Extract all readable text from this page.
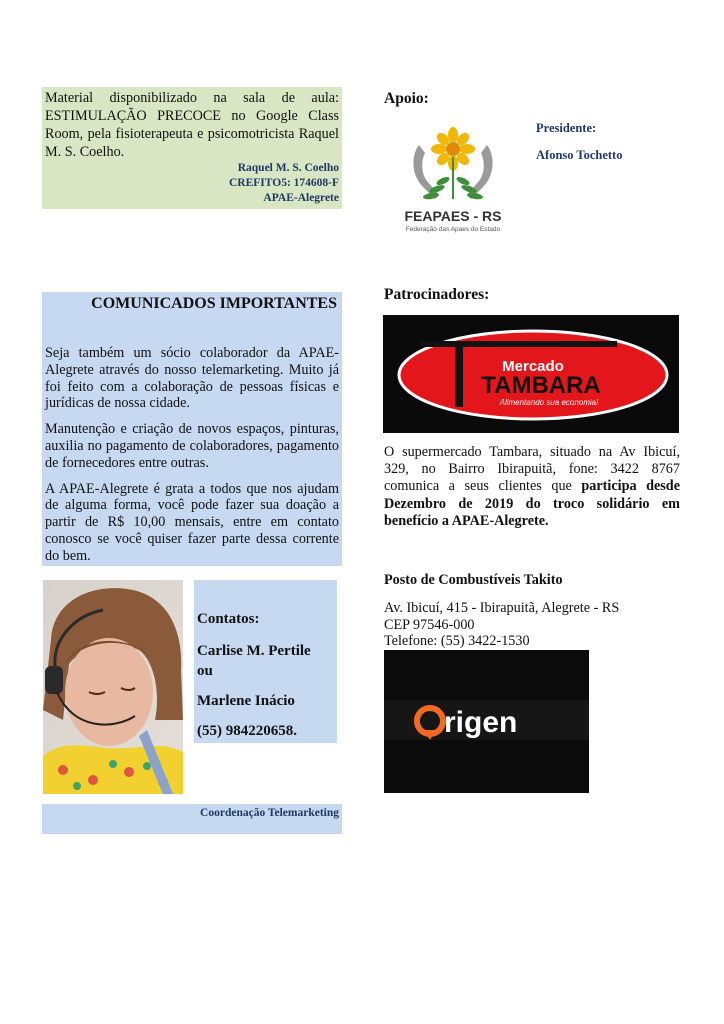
Material disponibilizado na sala de aula: ESTIMULAÇÃO PRECOCE no Google Class Room, pela fisioterapeuta e psicomotricista Raquel M. S. Coelho.

Raquel M. S. Coelho
CREFITO5: 174608-F
APAE-Alegrete
Apoio:
FEAPAES - RS
Federação das Apaes do Estado
Presidente:
Afonso Tochetto
COMUNICADOS IMPORTANTES

Seja também um sócio colaborador da APAE-Alegrete através do nosso telemarketing. Muito já foi feito com a colaboração de pessoas físicas e jurídicas de nossa cidade.

Manutenção e criação de novos espaços, pinturas, auxilia no pagamento de colaboradores, pagamento de fornecedores entre outras.

A APAE-Alegrete é grata a todos que nos ajudam de alguma forma, você pode fazer sua doação a partir de R$ 10,00 mensais, entre em contato conosco se você quiser fazer parte dessa corrente do bem.

Contatos:
Carlise M. Pertile
ou
Marlene Inácio
(55) 984220658.
Coordenação Telemarketing
Patrocinadores:
Mercado
TAMBARA
Alimentando sua economia!

O supermercado Tambara, situado na Av Ibicuí, 329, no Bairro Ibirapuitã, fone: 3422 8767 comunica a seus clientes que participa desde Dezembro de 2019 do troco solidário em benefício a APAE-Alegrete.

Posto de Combustíveis Takito
Av. Ibicuí, 415 - Ibirapuitã, Alegrete - RS
CEP 97546-000
Telefone: (55) 3422-1530
rigen
